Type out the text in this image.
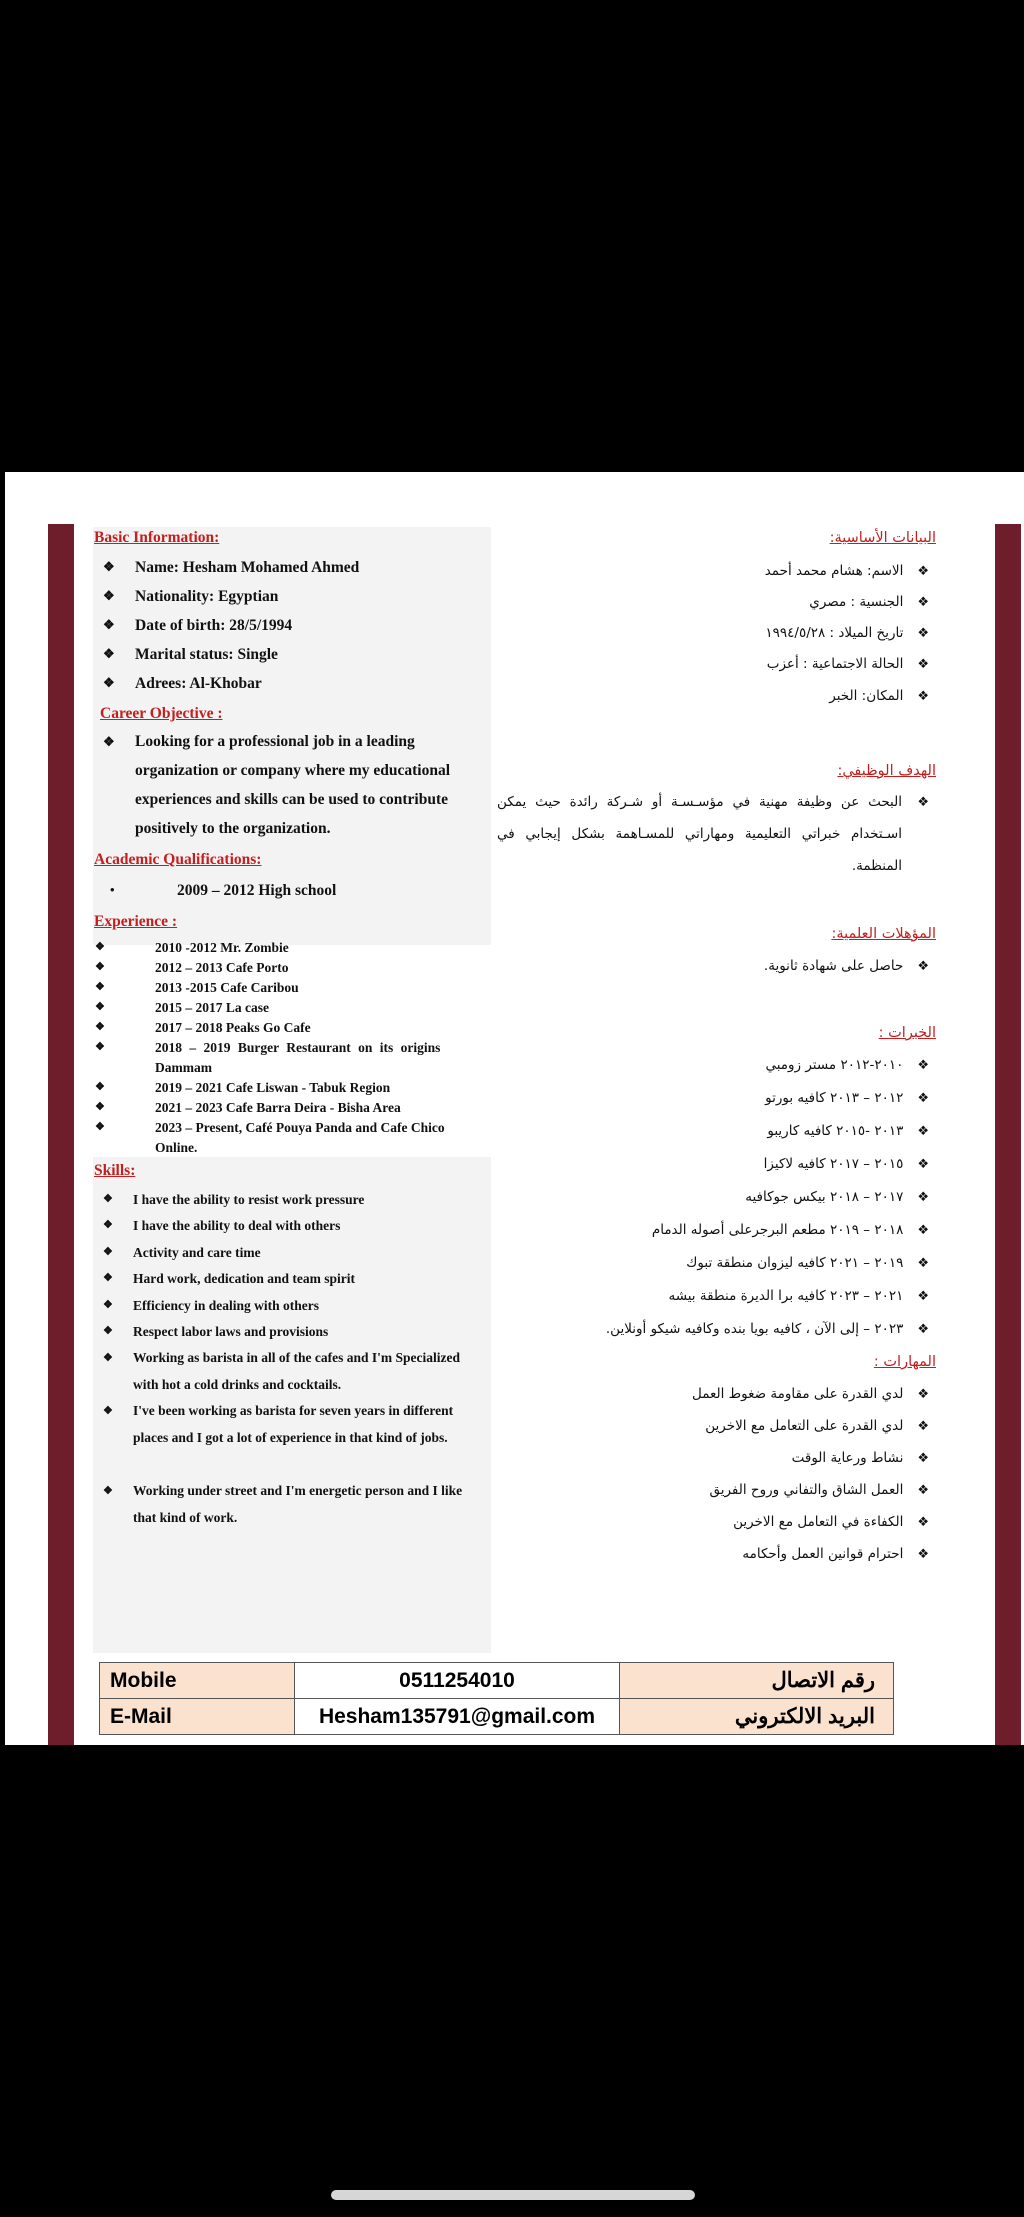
Basic Information:
❖ Name: Hesham Mohamed Ahmed
❖ Nationality: Egyptian
❖ Date of birth: 28/5/1994
❖ Marital status: Single
❖ Adrees: Al-Khobar
Career Objective :
❖ Looking for a professional job in a leading organization or company where my educational experiences and skills can be used to contribute positively to the organization.
Academic Qualifications:
•	2009 – 2012 High school
Experience :
❖	2010 -2012 Mr. Zombie
❖	2012 – 2013 Cafe Porto
❖	2013 -2015 Cafe Caribou
❖	2015 – 2017 La case
❖	2017 – 2018 Peaks Go Cafe
❖	2018 – 2019 Burger Restaurant on its origins
Dammam
❖	2019 – 2021 Cafe Liswan - Tabuk Region
❖	2021 – 2023 Cafe Barra Deira - Bisha Area
❖	2023 – Present, Café Pouya Panda and Cafe Chico
Online.
Skills:
❖ I have the ability to resist work pressure
❖ I have the ability to deal with others
❖ Activity and care time
❖ Hard work, dedication and team spirit
❖ Efficiency in dealing with others
❖ Respect labor laws and provisions
❖ Working as barista in all of the cafes and I'm Specialized with hot a cold drinks and cocktails.
❖ I've been working as barista for seven years in different places and I got a lot of experience in that kind of jobs.
❖ Working under street and I'm energetic person and I like that kind of work.
البيانات الأساسية:
❖الاسم: هشام محمد أحمد
❖الجنسية : مصري
❖تاريخ الميلاد : ١٩٩٤/٥/٢٨
❖الحالة الاجتماعية : أعزب
❖المكان: الخبر
الهدف الوظيفي:
❖
البحث عن وظيفة مهنية في مؤسـسـة أو شـركة رائدة حيث يمكن اسـتخدام خبراتي التعليمية ومهاراتي للمسـاهمة بشكل إيجابي في المنظمة.
المؤهلات العلمية:
❖حاصل على شهادة ثانوية.
الخبرات :
❖٢٠١٠-٢٠١٢ مستر زومبي
❖٢٠١٢ – ٢٠١٣ كافيه بورتو
❖٢٠١٣ -٢٠١٥ كافيه كاريبو
❖٢٠١٥ – ٢٠١٧ كافيه لاكيزا
❖٢٠١٧ – ٢٠١٨ بيكس جوكافيه
❖٢٠١٨ – ٢٠١٩ مطعم البرجرعلى أصوله الدمام
❖٢٠١٩ – ٢٠٢١ كافيه ليزوان منطقة تبوك
❖٢٠٢١ – ٢٠٢٣ كافيه برا الديرة منطقة بيشه
❖٢٠٢٣ – إلى الآن ، كافيه بويا بنده وكافيه شيكو أونلاين.
المهارات :
❖لدي القدرة على مقاومة ضغوط العمل
❖لدي القدرة على التعامل مع الاخرين
❖نشاط ورعاية الوقت
❖العمل الشاق والتفاني وروح الفريق
❖الكفاءة في التعامل مع الاخرين
❖احترام قوانين العمل وأحكامه
Mobile	0511254010	رقم الاتصال
E-Mail	Hesham135791@gmail.com	البريد الالكتروني
